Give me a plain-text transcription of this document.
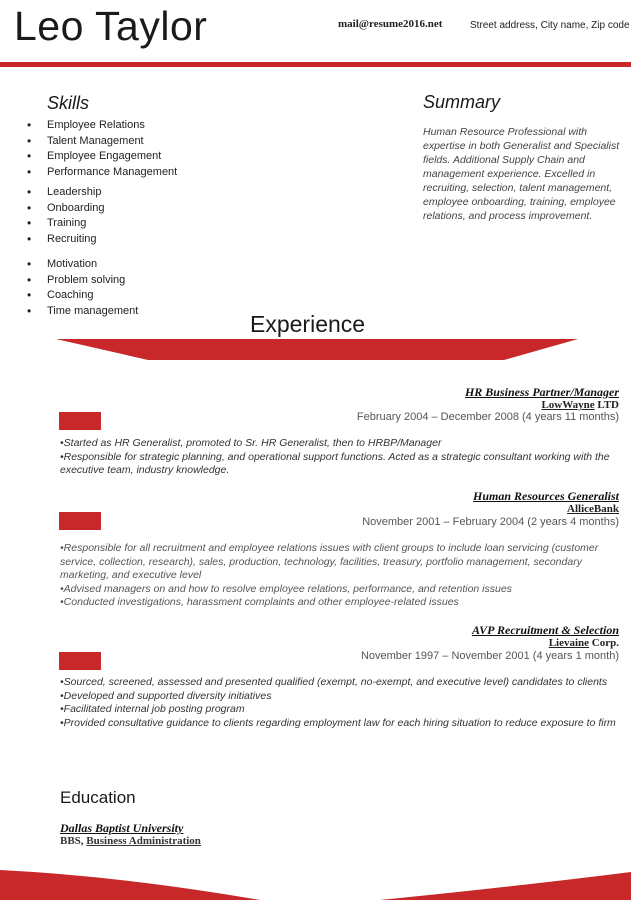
Leo Taylor	mail@resume2016.net	Street address, City name, Zip code
Skills
• Employee Relations
• Talent Management
• Employee Engagement
• Performance Management
• Leadership
• Onboarding
• Training
• Recruiting
• Motivation
• Problem solving
• Coaching
• Time management
Summary
Human Resource Professional with expertise in both Generalist and Specialist fields. Additional Supply Chain and management experience. Excelled in recruiting, selection, talent management, employee onboarding, training, employee relations, and process improvement.
Experience
HR Business Partner/Manager
LowWayne LTD
February 2004 – December 2008 (4 years 11 months)
•Started as HR Generalist, promoted to Sr. HR Generalist, then to HRBP/Manager
•Responsible for strategic planning, and operational support functions. Acted as a strategic consultant working with the executive team, industry knowledge.
Human Resources Generalist
AlliceBank
November 2001 – February 2004 (2 years 4 months)
•Responsible for all recruitment and employee relations issues with client groups to include loan servicing (customer service, collection, research), sales, production, technology, facilities, treasury, portfolio management, secondary marketing, and executive level
•Advised managers on and how to resolve employee relations, performance, and retention issues
•Conducted investigations, harassment complaints and other employee-related issues
AVP Recruitment & Selection
Lievaine Corp.
November 1997 – November 2001 (4 years 1 month)
•Sourced, screened, assessed and presented qualified (exempt, no-exempt, and executive level) candidates to clients
•Developed and supported diversity initiatives
•Facilitated internal job posting program
•Provided consultative guidance to clients regarding employment law for each hiring situation to reduce exposure to firm
Education
Dallas Baptist University
BBS, Business Administration
